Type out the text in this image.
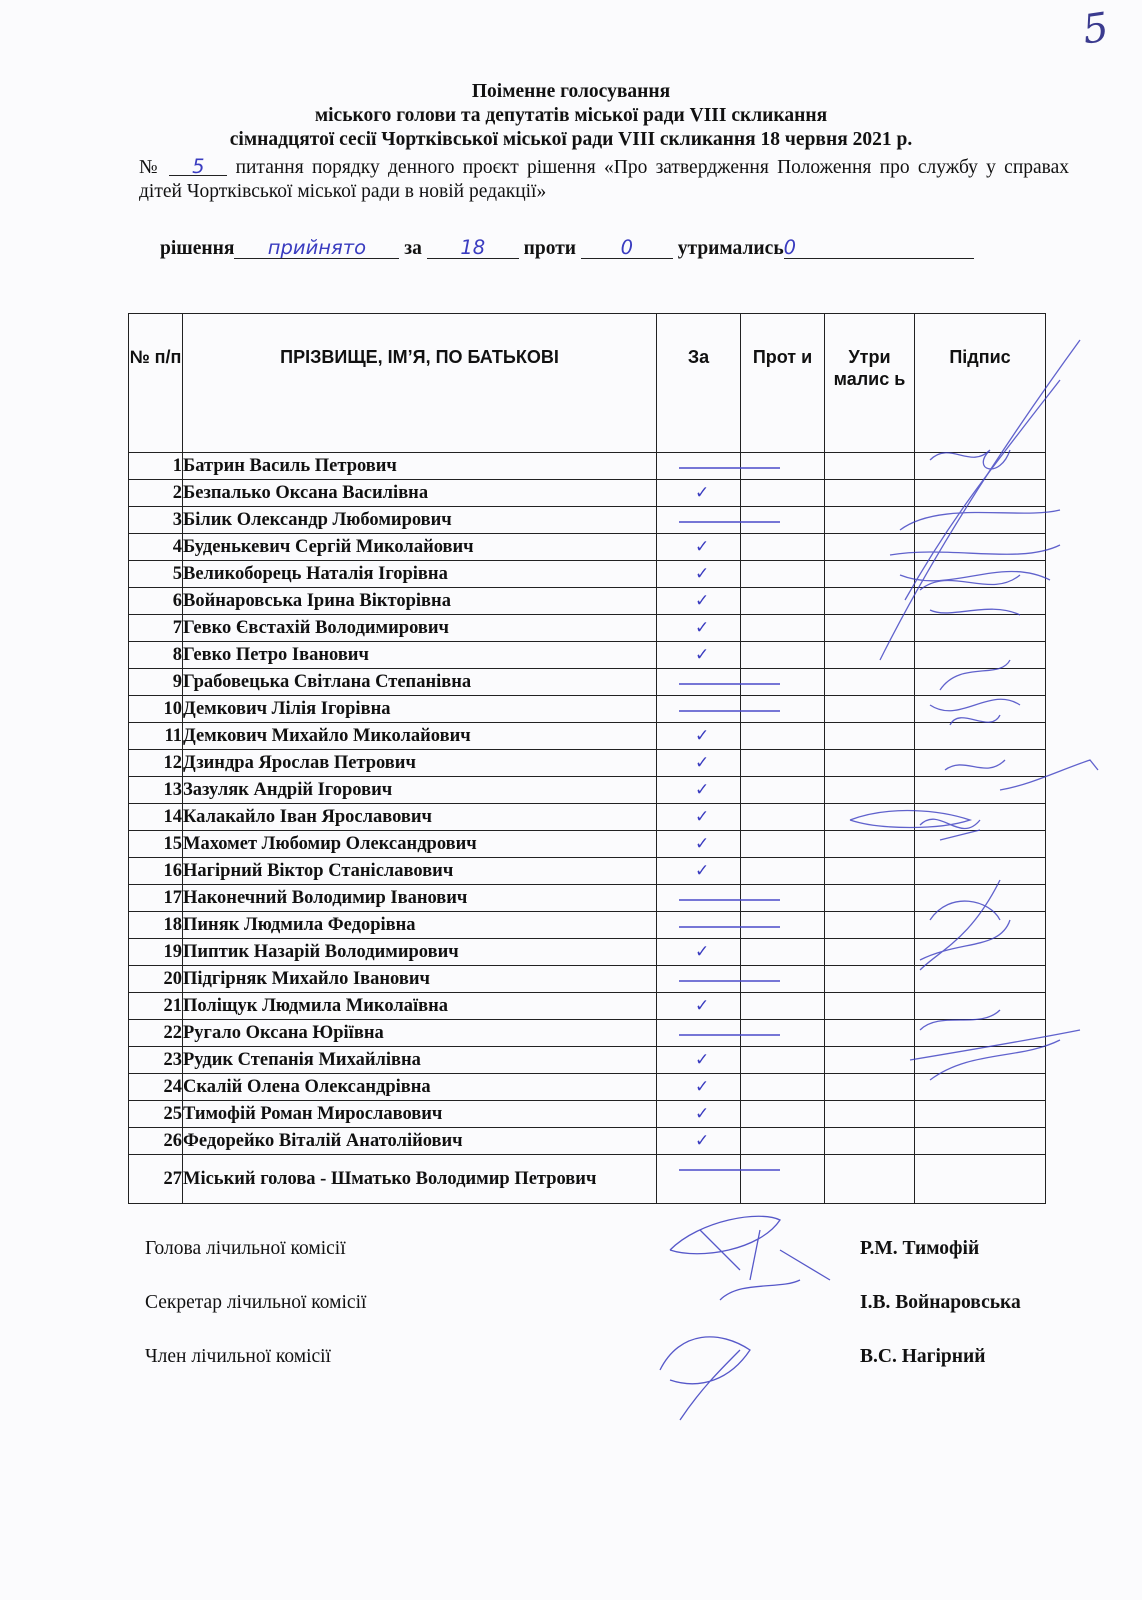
5
Поіменне голосування
міського голови та депутатів міської ради VIII скликання
сімнадцятої сесії Чортківської міської ради VIII скликання 18 червня 2021 р.
№ 5 питання порядку денного проєкт рішення «Про затвердження Положення про службу у справах дітей Чортківської міської ради в новій редакції»
рішення прийнято за 18 проти 0 утримались0
№ п/п	ПРІЗВИЩЕ, ІМ’Я, ПО БАТЬКОВІ	За	Прот и	Утри малис ь	Підпис
1	Батрин Василь Петрович	

2	Безпалько Оксана Василівна	✓			

3	Білик Олександр Любомирович	

4	Буденькевич Сергій Миколайович	✓			

5	Великоборець Наталія Ігорівна	✓			

6	Войнаровська Ірина Вікторівна	✓			

7	Гевко Євстахій Володимирович	✓			

8	Гевко Петро Іванович	✓			

9	Грабовецька Світлана Степанівна	

10	Демкович Лілія Ігорівна	

11	Демкович Михайло Миколайович	✓			

12	Дзиндра Ярослав Петрович	✓			

13	Зазуляк Андрій Ігорович	✓			

14	Калакайло Іван Ярославович	✓			

15	Махомет Любомир Олександрович	✓			

16	Нагірний Віктор Станіславович	✓			

17	Наконечний Володимир Іванович	

18	Пиняк Людмила Федорівна	

19	Пиптик Назарій Володимирович	✓			

20	Підгірняк Михайло Іванович	

21	Поліщук Людмила Миколаївна	✓			

22	Ругало Оксана Юріївна	

23	Рудик Степанія Михайлівна	✓			

24	Скалій Олена Олександрівна	✓			

25	Тимофій Роман Мирославович	✓			

26	Федорейко Віталій Анатолійович	✓			

27	Міський голова - Шматько Володимир Петрович	

Голова лічильної комісії	Р.М. Тимофій
Секретар лічильної комісії	І.В. Войнаровська
Член лічильної комісії	В.С. Нагірний
